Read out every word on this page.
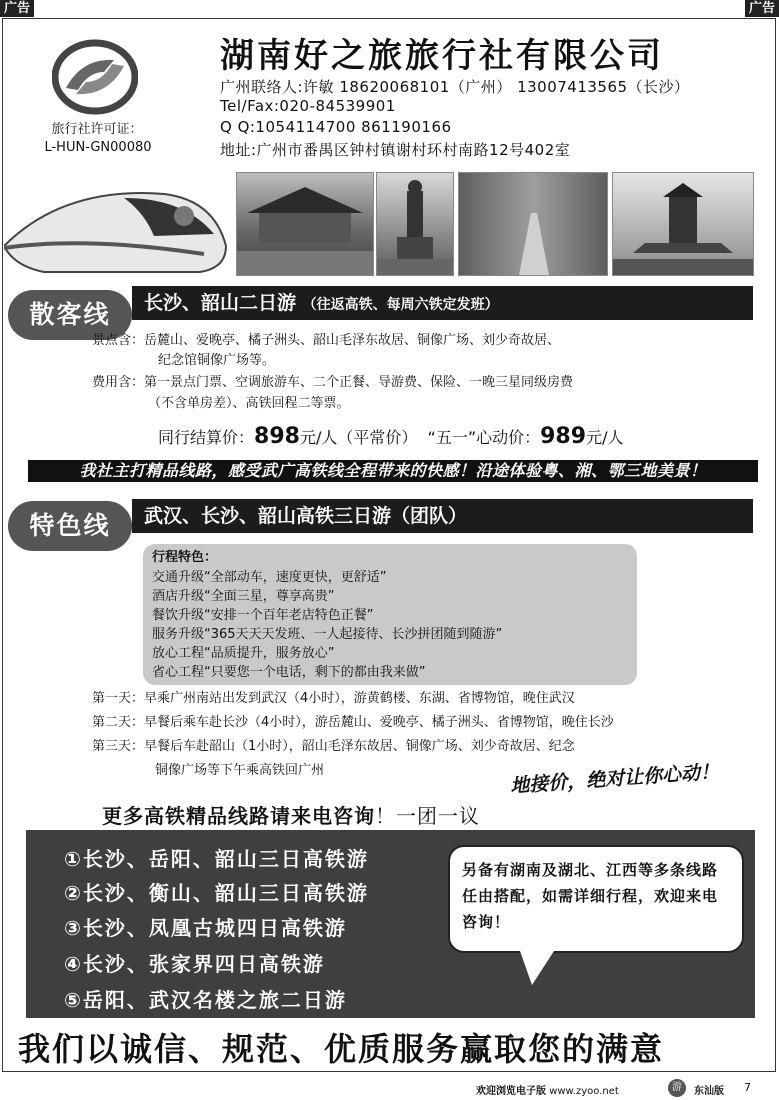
广告	广告
旅行社许可证：
L-HUN-GN00080
湖南好之旅旅行社有限公司
广州联络人:许敏 18620068101（广州） 13007413565（长沙）
Tel/Fax:020-84539901
Q Q:1054114700 861190166
地址:广州市番禺区钟村镇谢村环村南路12号402室
散客线	长沙、韶山二日游 （往返高铁、每周六铁定发班）
景点含：岳麓山、爱晚亭、橘子洲头、韶山毛泽东故居、铜像广场、刘少奇故居、
纪念馆铜像广场等。
费用含：第一景点门票、空调旅游车、二个正餐、导游费、保险、一晚三星同级房费
（不含单房差）、高铁回程二等票。
同行结算价：898元/人（平常价） “五一”心动价：989元/人
我社主打精品线路，感受武广高铁线全程带来的快感！沿途体验粤、湘、鄂三地美景！
特色线	武汉、长沙、韶山高铁三日游（团队）
行程特色：
交通升级“全部动车，速度更快，更舒适”
酒店升级“全面三星，尊享高贵”
餐饮升级“安排一个百年老店特色正餐”
服务升级“365天天天发班、一人起接待、长沙拼团随到随游”
放心工程“品质提升，服务放心”
省心工程“只要您一个电话，剩下的都由我来做”
第一天：早乘广州南站出发到武汉（4小时），游黄鹤楼、东湖、省博物馆，晚住武汉
第二天：早餐后乘车赴长沙（4小时），游岳麓山、爱晚亭、橘子洲头、省博物馆，晚住长沙
第三天：早餐后车赴韶山（1小时），韶山毛泽东故居、铜像广场、刘少奇故居、纪念
铜像广场等下午乘高铁回广州	地接价，绝对让你心动！
更多高铁精品线路请来电咨询！一团一议
①长沙、岳阳、韶山三日高铁游
②长沙、衡山、韶山三日高铁游
③长沙、凤凰古城四日高铁游
④长沙、张家界四日高铁游
⑤岳阳、武汉名楼之旅二日游
另备有湖南及湖北、江西等多条线路任由搭配，如需详细行程，欢迎来电咨询！
我们以诚信、规范、优质服务赢取您的满意
欢迎浏览电子版 www.zyoo.net	游	东汕版 7
